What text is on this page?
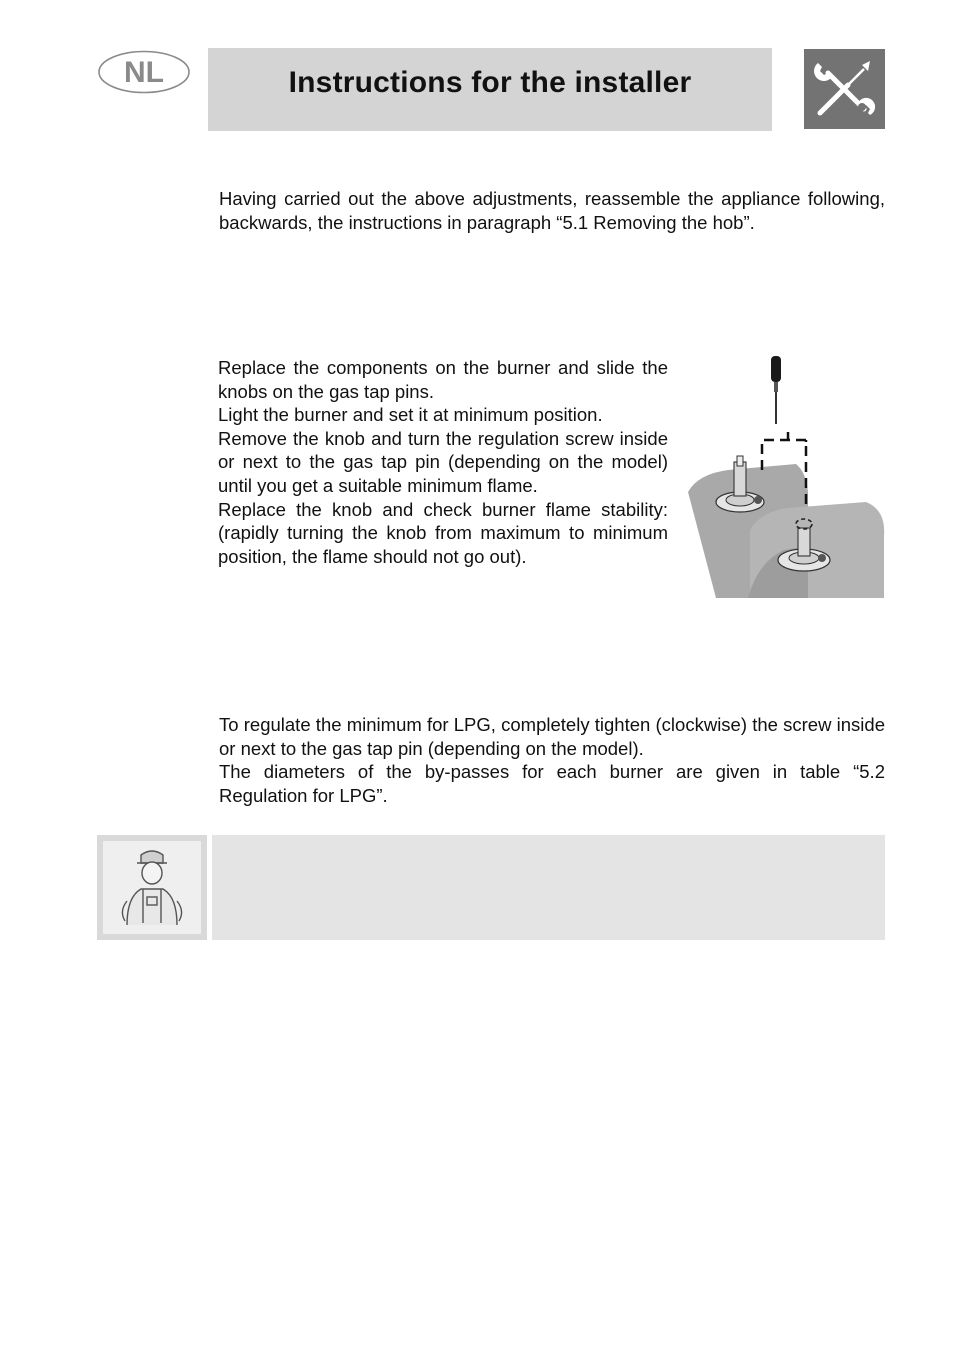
NL	Instructions for the installer

Having carried out the above adjustments, reassemble the appliance following, backwards, the instructions in paragraph “5.1 Removing the hob”.

Replace the components on the burner and slide the knobs on the gas tap pins.

Light the burner and set it at minimum position.

Remove the knob and turn the regulation screw inside or next to the gas tap pin (depending on the model) until you get a suitable minimum flame.

Replace the knob and check burner flame stability: (rapidly turning the knob from maximum to minimum position, the flame should not go out).

To regulate the minimum for LPG, completely tighten (clockwise) the screw inside or next to the gas tap pin (depending on the model).

The diameters of the by-passes for each burner are given in table “5.2 Regulation for LPG”.
